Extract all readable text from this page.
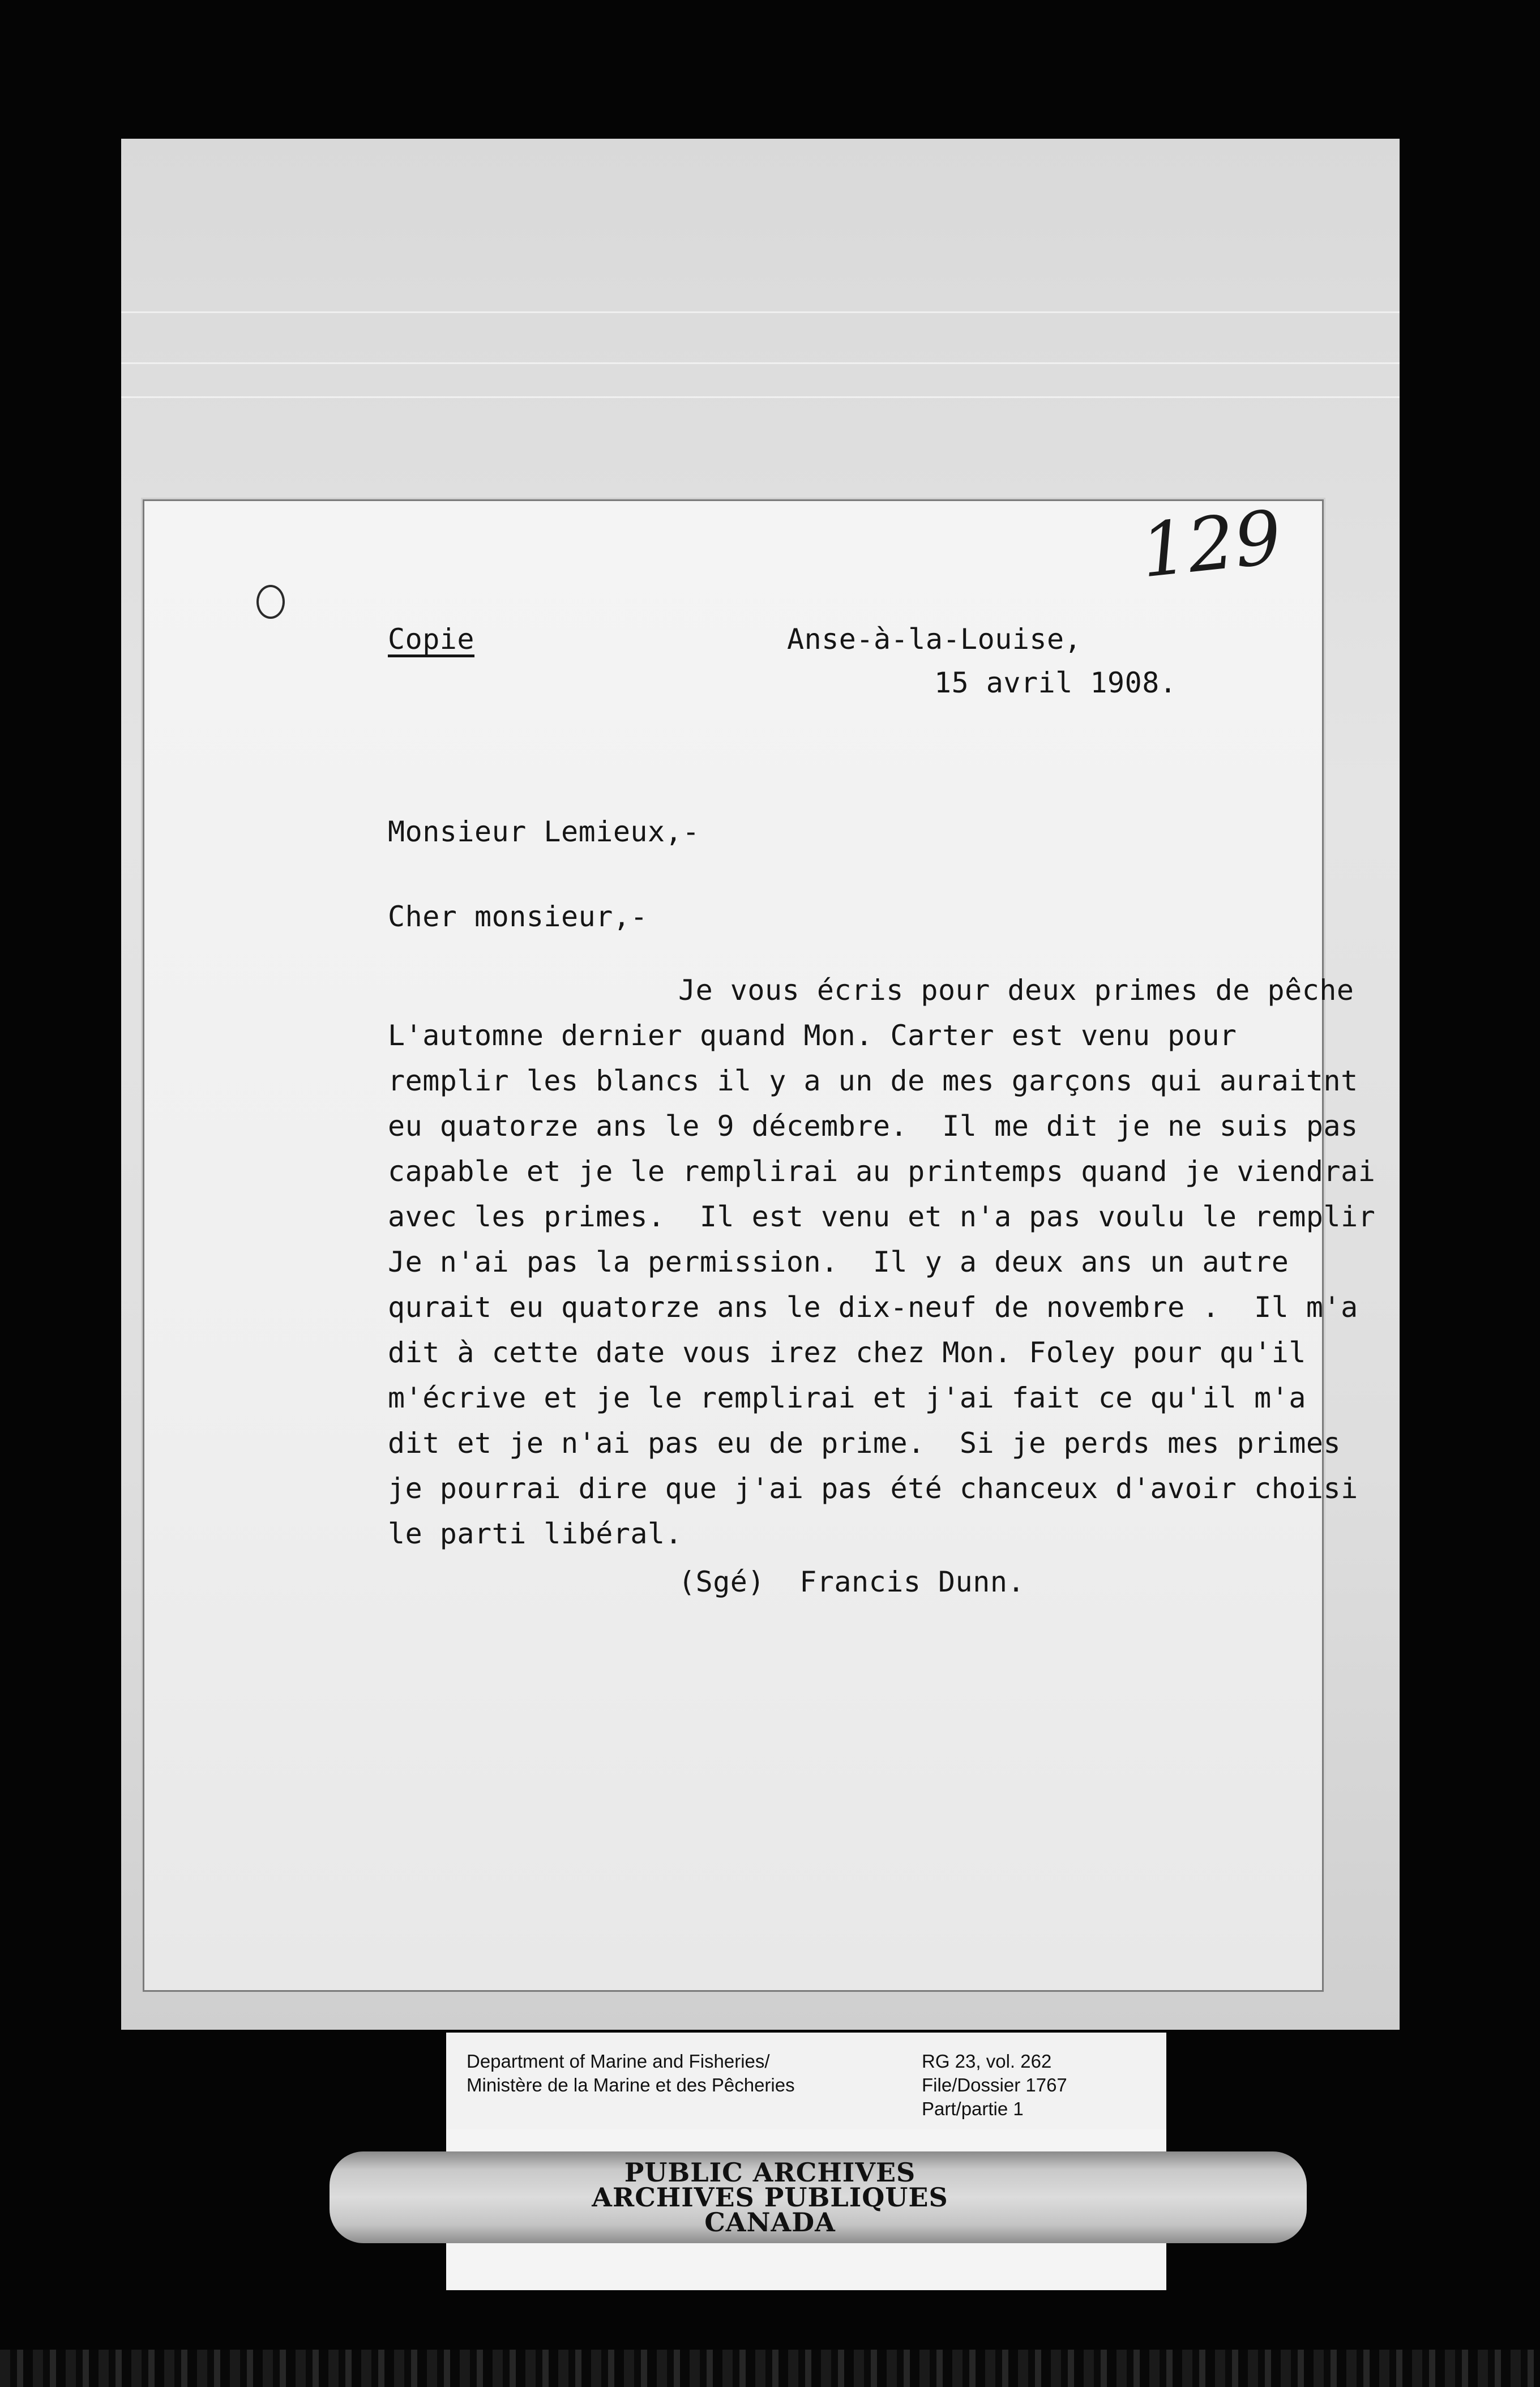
129
Copie	Anse-à-la-Louise,
15 avril 1908.
Monsieur Lemieux,-
Cher monsieur,-
Je vous écris pour deux primes de pêche
L'automne dernier quand Mon. Carter est venu pour
remplir les blancs il y a un de mes garçons qui auraitnt
eu quatorze ans le 9 décembre.  Il me dit je ne suis pas
capable et je le remplirai au printemps quand je viendrai
avec les primes.  Il est venu et n'a pas voulu le remplir
Je n'ai pas la permission.  Il y a deux ans un autre
qurait eu quatorze ans le dix-neuf de novembre .  Il m'a
dit à cette date vous irez chez Mon. Foley pour qu'il
m'écrive et je le remplirai et j'ai fait ce qu'il m'a
dit et je n'ai pas eu de prime.  Si je perds mes primes
je pourrai dire que j'ai pas été chanceux d'avoir choisi
le parti libéral.
(Sgé)  Francis Dunn.
Department of Marine and Fisheries/
Ministère de la Marine et des Pêcheries
RG 23, vol. 262
File/Dossier 1767
Part/partie 1
PUBLIC ARCHIVES
ARCHIVES PUBLIQUES
CANADA
